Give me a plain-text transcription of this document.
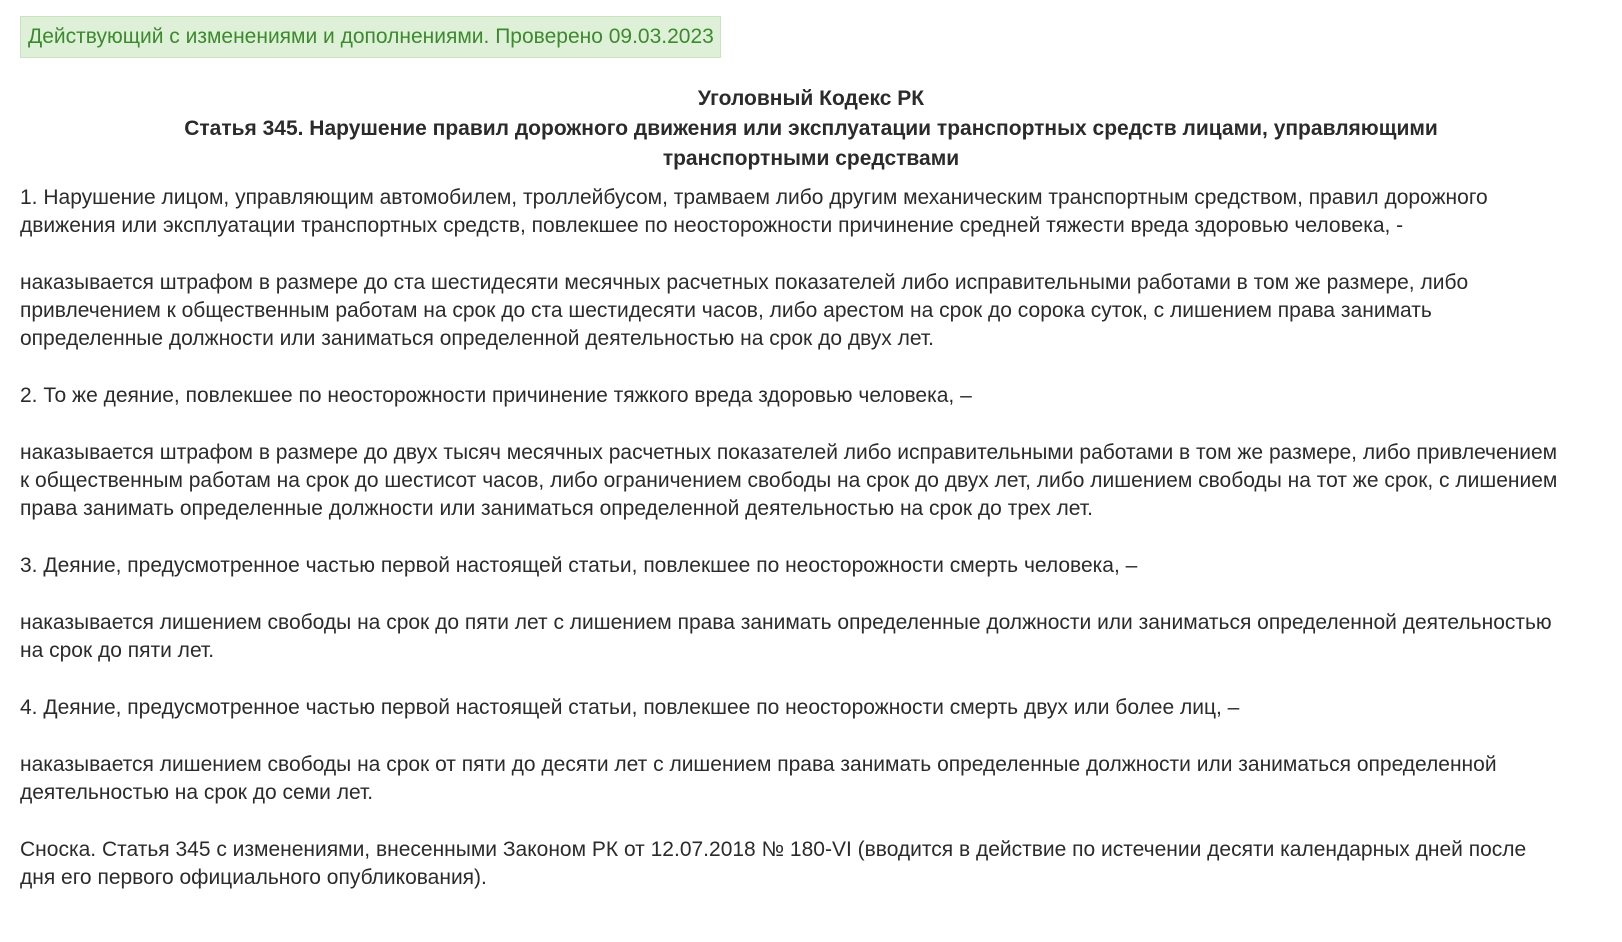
Действующий с изменениями и дополнениями. Проверено 09.03.2023
Уголовный Кодекс РК
Статья 345. Нарушение правил дорожного движения или эксплуатации транспортных средств лицами, управляющими транспортными средствами

1. Нарушение лицом, управляющим автомобилем, троллейбусом, трамваем либо другим механическим транспортным средством, правил дорожного движения или эксплуатации транспортных средств, повлекшее по неосторожности причинение средней тяжести вреда здоровью человека, -

наказывается штрафом в размере до ста шестидесяти месячных расчетных показателей либо исправительными работами в том же размере, либо привлечением к общественным работам на срок до ста шестидесяти часов, либо арестом на срок до сорока суток, с лишением права занимать определенные должности или заниматься определенной деятельностью на срок до двух лет.

2. То же деяние, повлекшее по неосторожности причинение тяжкого вреда здоровью человека, –

наказывается штрафом в размере до двух тысяч месячных расчетных показателей либо исправительными работами в том же размере, либо привлечением к общественным работам на срок до шестисот часов, либо ограничением свободы на срок до двух лет, либо лишением свободы на тот же срок, с лишением права занимать определенные должности или заниматься определенной деятельностью на срок до трех лет.

3. Деяние, предусмотренное частью первой настоящей статьи, повлекшее по неосторожности смерть человека, –

наказывается лишением свободы на срок до пяти лет с лишением права занимать определенные должности или заниматься определенной деятельностью на срок до пяти лет.

4. Деяние, предусмотренное частью первой настоящей статьи, повлекшее по неосторожности смерть двух или более лиц, –

наказывается лишением свободы на срок от пяти до десяти лет с лишением права занимать определенные должности или заниматься определенной деятельностью на срок до семи лет.

Сноска. Статья 345 с изменениями, внесенными Законом РК от 12.07.2018 № 180-VI (вводится в действие по истечении десяти календарных дней после дня его первого официального опубликования).
